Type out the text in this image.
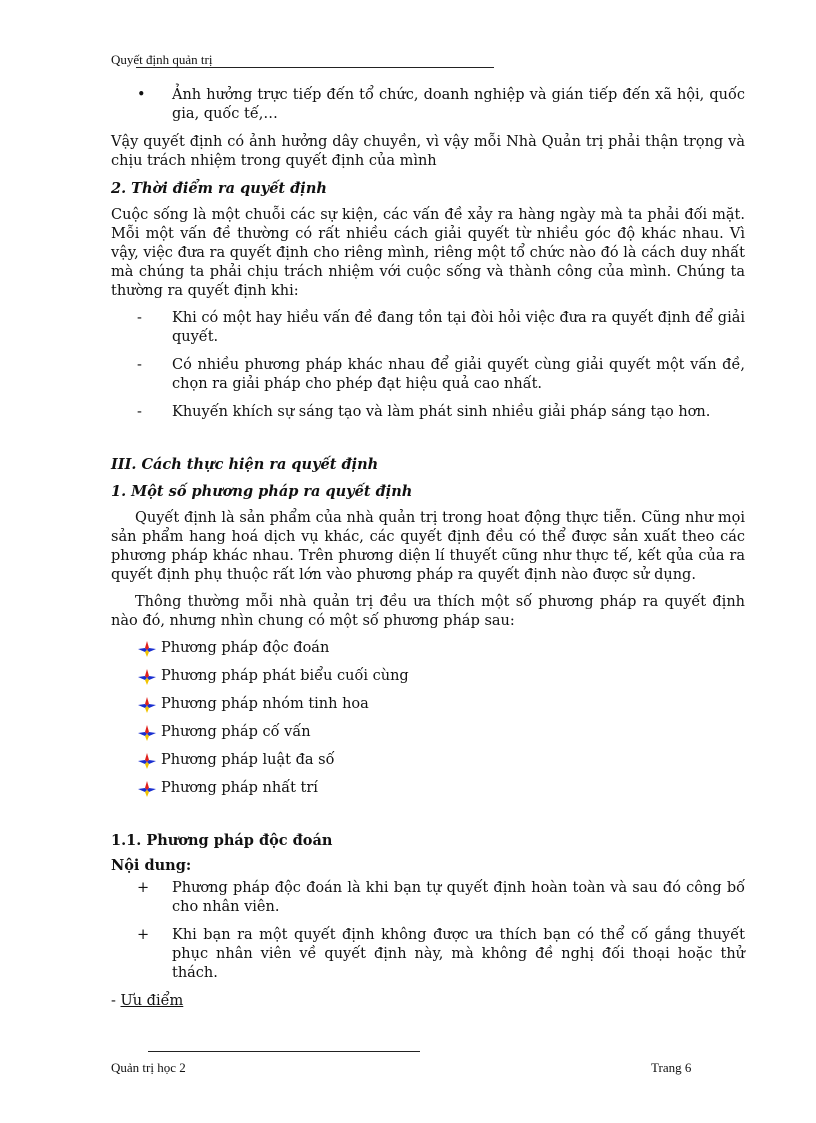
Quyết định quản trị
•	Ảnh hưởng trực tiếp đến tổ chức, doanh nghiệp và gián tiếp đến xã hội, quốc gia, quốc tế,…

Vậy quyết định có ảnh hưởng dây chuyền, vì vậy mỗi Nhà Quản trị phải thận trọng và chịu trách nhiệm trong quyết định của mình

2. Thời điểm ra quyết định

Cuộc sống là một chuỗi các sự kiện, các vấn đề xảy ra hàng ngày mà ta phải đối mặt. Mỗi một vấn đề thường có rất nhiều cách giải quyết từ nhiều góc độ khác nhau. Vì vậy, việc đưa ra quyết định cho riêng mình, riêng một tổ chức nào đó là cách duy nhất mà chúng ta phải chịu trách nhiệm với cuộc sống và thành công của mình. Chúng ta thường ra quyết định khi:

-	Khi có một hay hiều vấn đề đang tồn tại đòi hỏi việc đưa ra quyết định để giải quyết.
-	Có nhiều phương pháp khác nhau để giải quyết cùng giải quyết một vấn đề, chọn ra giải pháp cho phép đạt hiệu quả cao nhất.
-	Khuyến khích sự sáng tạo và làm phát sinh nhiều giải pháp sáng tạo hơn.
III. Cách thực hiện ra quyết định
1. Một số phương pháp ra quyết định

Quyết định là sản phẩm của nhà quản trị trong hoat động thực tiễn. Cũng như mọi sản phẩm hang hoá dịch vụ khác, các quyết định đều có thể được sản xuất theo các phương pháp khác nhau. Trên phương diện lí thuyết cũng như thực tế, kết qủa của ra quyết định phụ thuộc rất lớn vào phương pháp ra quyết định nào được sử dụng.

Thông thường mỗi nhà quản trị đều ưa thích một số phương pháp ra quyết định nào đó, nhưng nhìn chung có một số phương pháp sau:

Phương pháp độc đoán
Phương pháp phát biểu cuối cùng
Phương pháp nhóm tinh hoa
Phương pháp cố vấn
Phương pháp luật đa số
Phương pháp nhất trí
1.1. Phương pháp độc đoán
Nội dung:
+	Phương pháp độc đoán là khi bạn tự quyết định hoàn toàn và sau đó công bố cho nhân viên.
+	Khi bạn ra một quyết định không được ưa thích bạn có thể cố gắng thuyết phục nhân viên về quyết định này, mà không đề nghị đối thoại hoặc thử thách.
- Ưu điểm
Quản trị học 2	Trang 6
